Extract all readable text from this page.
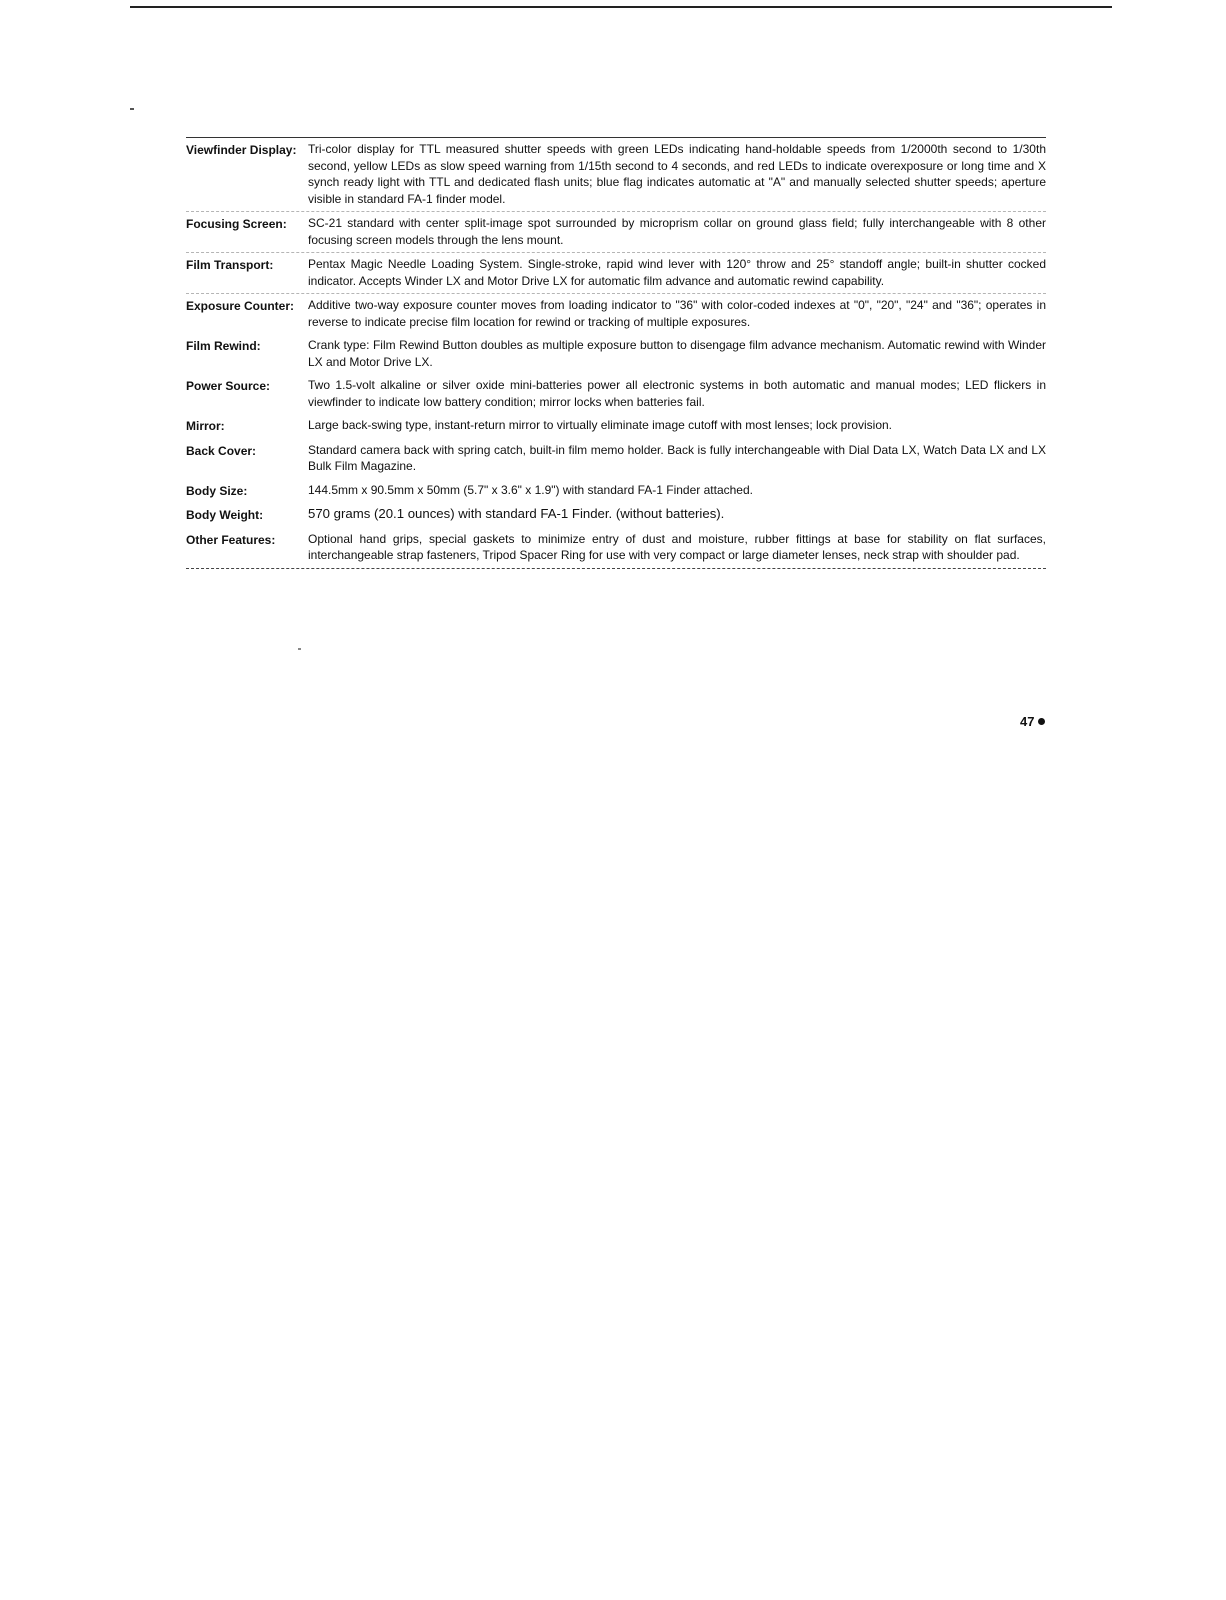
Viewfinder Display: Tri-color display for TTL measured shutter speeds with green LEDs indicating hand-holdable speeds from 1/2000th second to 1/30th second, yellow LEDs as slow speed warning from 1/15th second to 4 seconds, and red LEDs to indicate overexposure or long time and X synch ready light with TTL and dedicated flash units; blue flag indicates automatic at "A" and manually selected shutter speeds; aperture visible in standard FA-1 finder model.
Focusing Screen:	SC-21 standard with center split-image spot surrounded by microprism collar on ground glass field; fully interchangeable with 8 other focusing screen models through the lens mount.
Film Transport:	Pentax Magic Needle Loading System. Single-stroke, rapid wind lever with 120° throw and 25° standoff angle; built-in shutter cocked indicator. Accepts Winder LX and Motor Drive LX for automatic film advance and automatic rewind capability.
Exposure Counter:	Additive two-way exposure counter moves from loading indicator to "36" with color-coded indexes at "0", "20", "24" and "36"; operates in reverse to indicate precise film location for rewind or tracking of multiple exposures.
Film Rewind:	Crank type: Film Rewind Button doubles as multiple exposure button to disengage film advance mechanism. Automatic rewind with Winder LX and Motor Drive LX.
Power Source:	Two 1.5-volt alkaline or silver oxide mini-batteries power all electronic systems in both automatic and manual modes; LED flickers in viewfinder to indicate low battery condition; mirror locks when batteries fail.
Mirror:	Large back-swing type, instant-return mirror to virtually eliminate image cutoff with most lenses; lock provision.
Back Cover:	Standard camera back with spring catch, built-in film memo holder. Back is fully interchangeable with Dial Data LX, Watch Data LX and LX Bulk Film Magazine.
Body Size:	144.5mm x 90.5mm x 50mm (5.7" x 3.6" x 1.9") with standard FA-1 Finder attached.
Body Weight:	570 grams (20.1 ounces) with standard FA-1 Finder. (without batteries).
Other Features:	Optional hand grips, special gaskets to minimize entry of dust and moisture, rubber fittings at base for stability on flat surfaces, interchangeable strap fasteners, Tripod Spacer Ring for use with very compact or large diameter lenses, neck strap with shoulder pad.
47
